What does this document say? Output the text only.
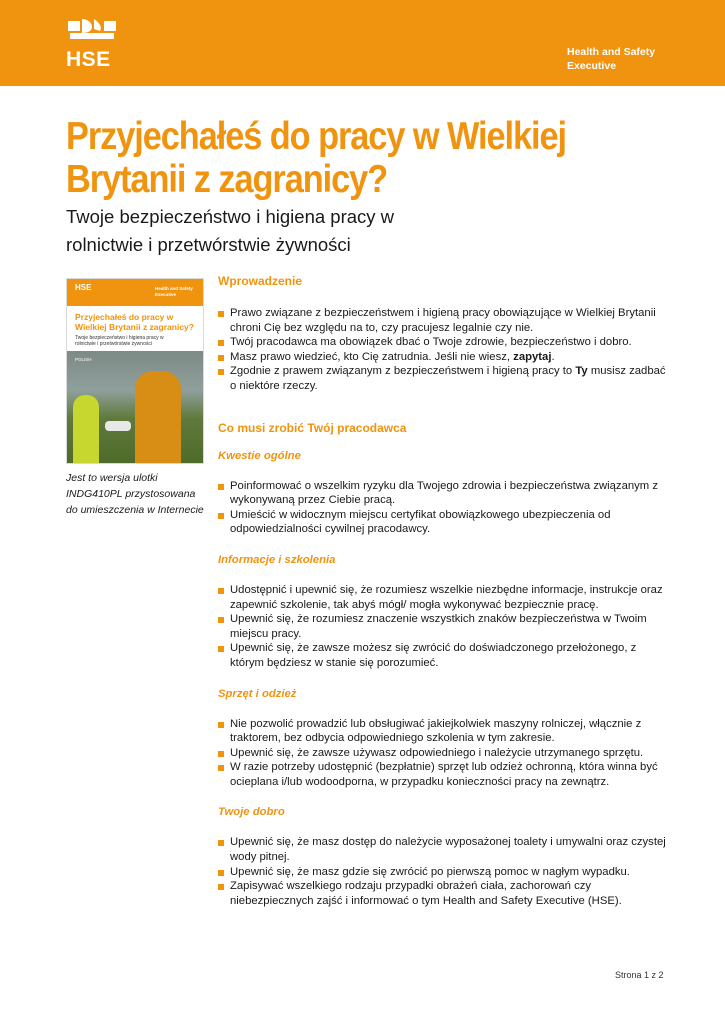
HSE	Health and Safety
Executive
Przyjechałeś do pracy w Wielkiej Brytanii z zagranicy?
Twoje bezpieczeństwo i higiena pracy w
rolnictwie i przetwórstwie żywności
HSE	Health and Safety
Executive
Przyjechałeś do pracy w Wielkiej Brytanii z zagranicy?
Twoje bezpieczeństwo i higiena pracy w rolnictwie i przetwórstwie żywności
POLISH
Jest to wersja ulotki INDG410PL przystosowana do umieszczenia w Internecie
Wprowadzenie
Prawo związane z bezpieczeństwem i higieną pracy obowiązujące w Wielkiej Brytanii chroni Cię bez względu na to, czy pracujesz legalnie czy nie.
Twój pracodawca ma obowiązek dbać o Twoje zdrowie, bezpieczeństwo i dobro.
Masz prawo wiedzieć, kto Cię zatrudnia. Jeśli nie wiesz, zapytaj.
Zgodnie z prawem związanym z bezpieczeństwem i higieną pracy to Ty musisz zadbać o niektóre rzeczy.
Co musi zrobić Twój pracodawca
Kwestie ogólne
Poinformować o wszelkim ryzyku dla Twojego zdrowia i bezpieczeństwa związanym z wykonywaną przez Ciebie pracą.
Umieścić w widocznym miejscu certyfikat obowiązkowego ubezpieczenia od odpowiedzialności cywilnej pracodawcy.
Informacje i szkolenia
Udostępnić i upewnić się, że rozumiesz wszelkie niezbędne informacje, instrukcje oraz zapewnić szkolenie, tak abyś mógł/ mogła wykonywać bezpiecznie pracę.
Upewnić się, że rozumiesz znaczenie wszystkich znaków bezpieczeństwa w Twoim miejscu pracy.
Upewnić się, że zawsze możesz się zwrócić do doświadczonego przełożonego, z którym będziesz w stanie się porozumieć.
Sprzęt i odzież
Nie pozwolić prowadzić lub obsługiwać jakiejkolwiek maszyny rolniczej, włącznie z traktorem, bez odbycia odpowiedniego szkolenia w tym zakresie.
Upewnić się, że zawsze używasz odpowiedniego i należycie utrzymanego sprzętu.
W razie potrzeby udostępnić (bezpłatnie) sprzęt lub odzież ochronną, która winna być ocieplana i/lub wodoodporna, w przypadku konieczności pracy na zewnątrz.
Twoje dobro
Upewnić się, że masz dostęp do należycie wyposażonej toalety i umywalni oraz czystej wody pitnej.
Upewnić się, że masz gdzie się zwrócić po pierwszą pomoc w nagłym wypadku.
Zapisywać wszelkiego rodzaju przypadki obrażeń ciała, zachorowań czy niebezpiecznych zajść i informować o tym Health and Safety Executive (HSE).
Strona 1 z 2
